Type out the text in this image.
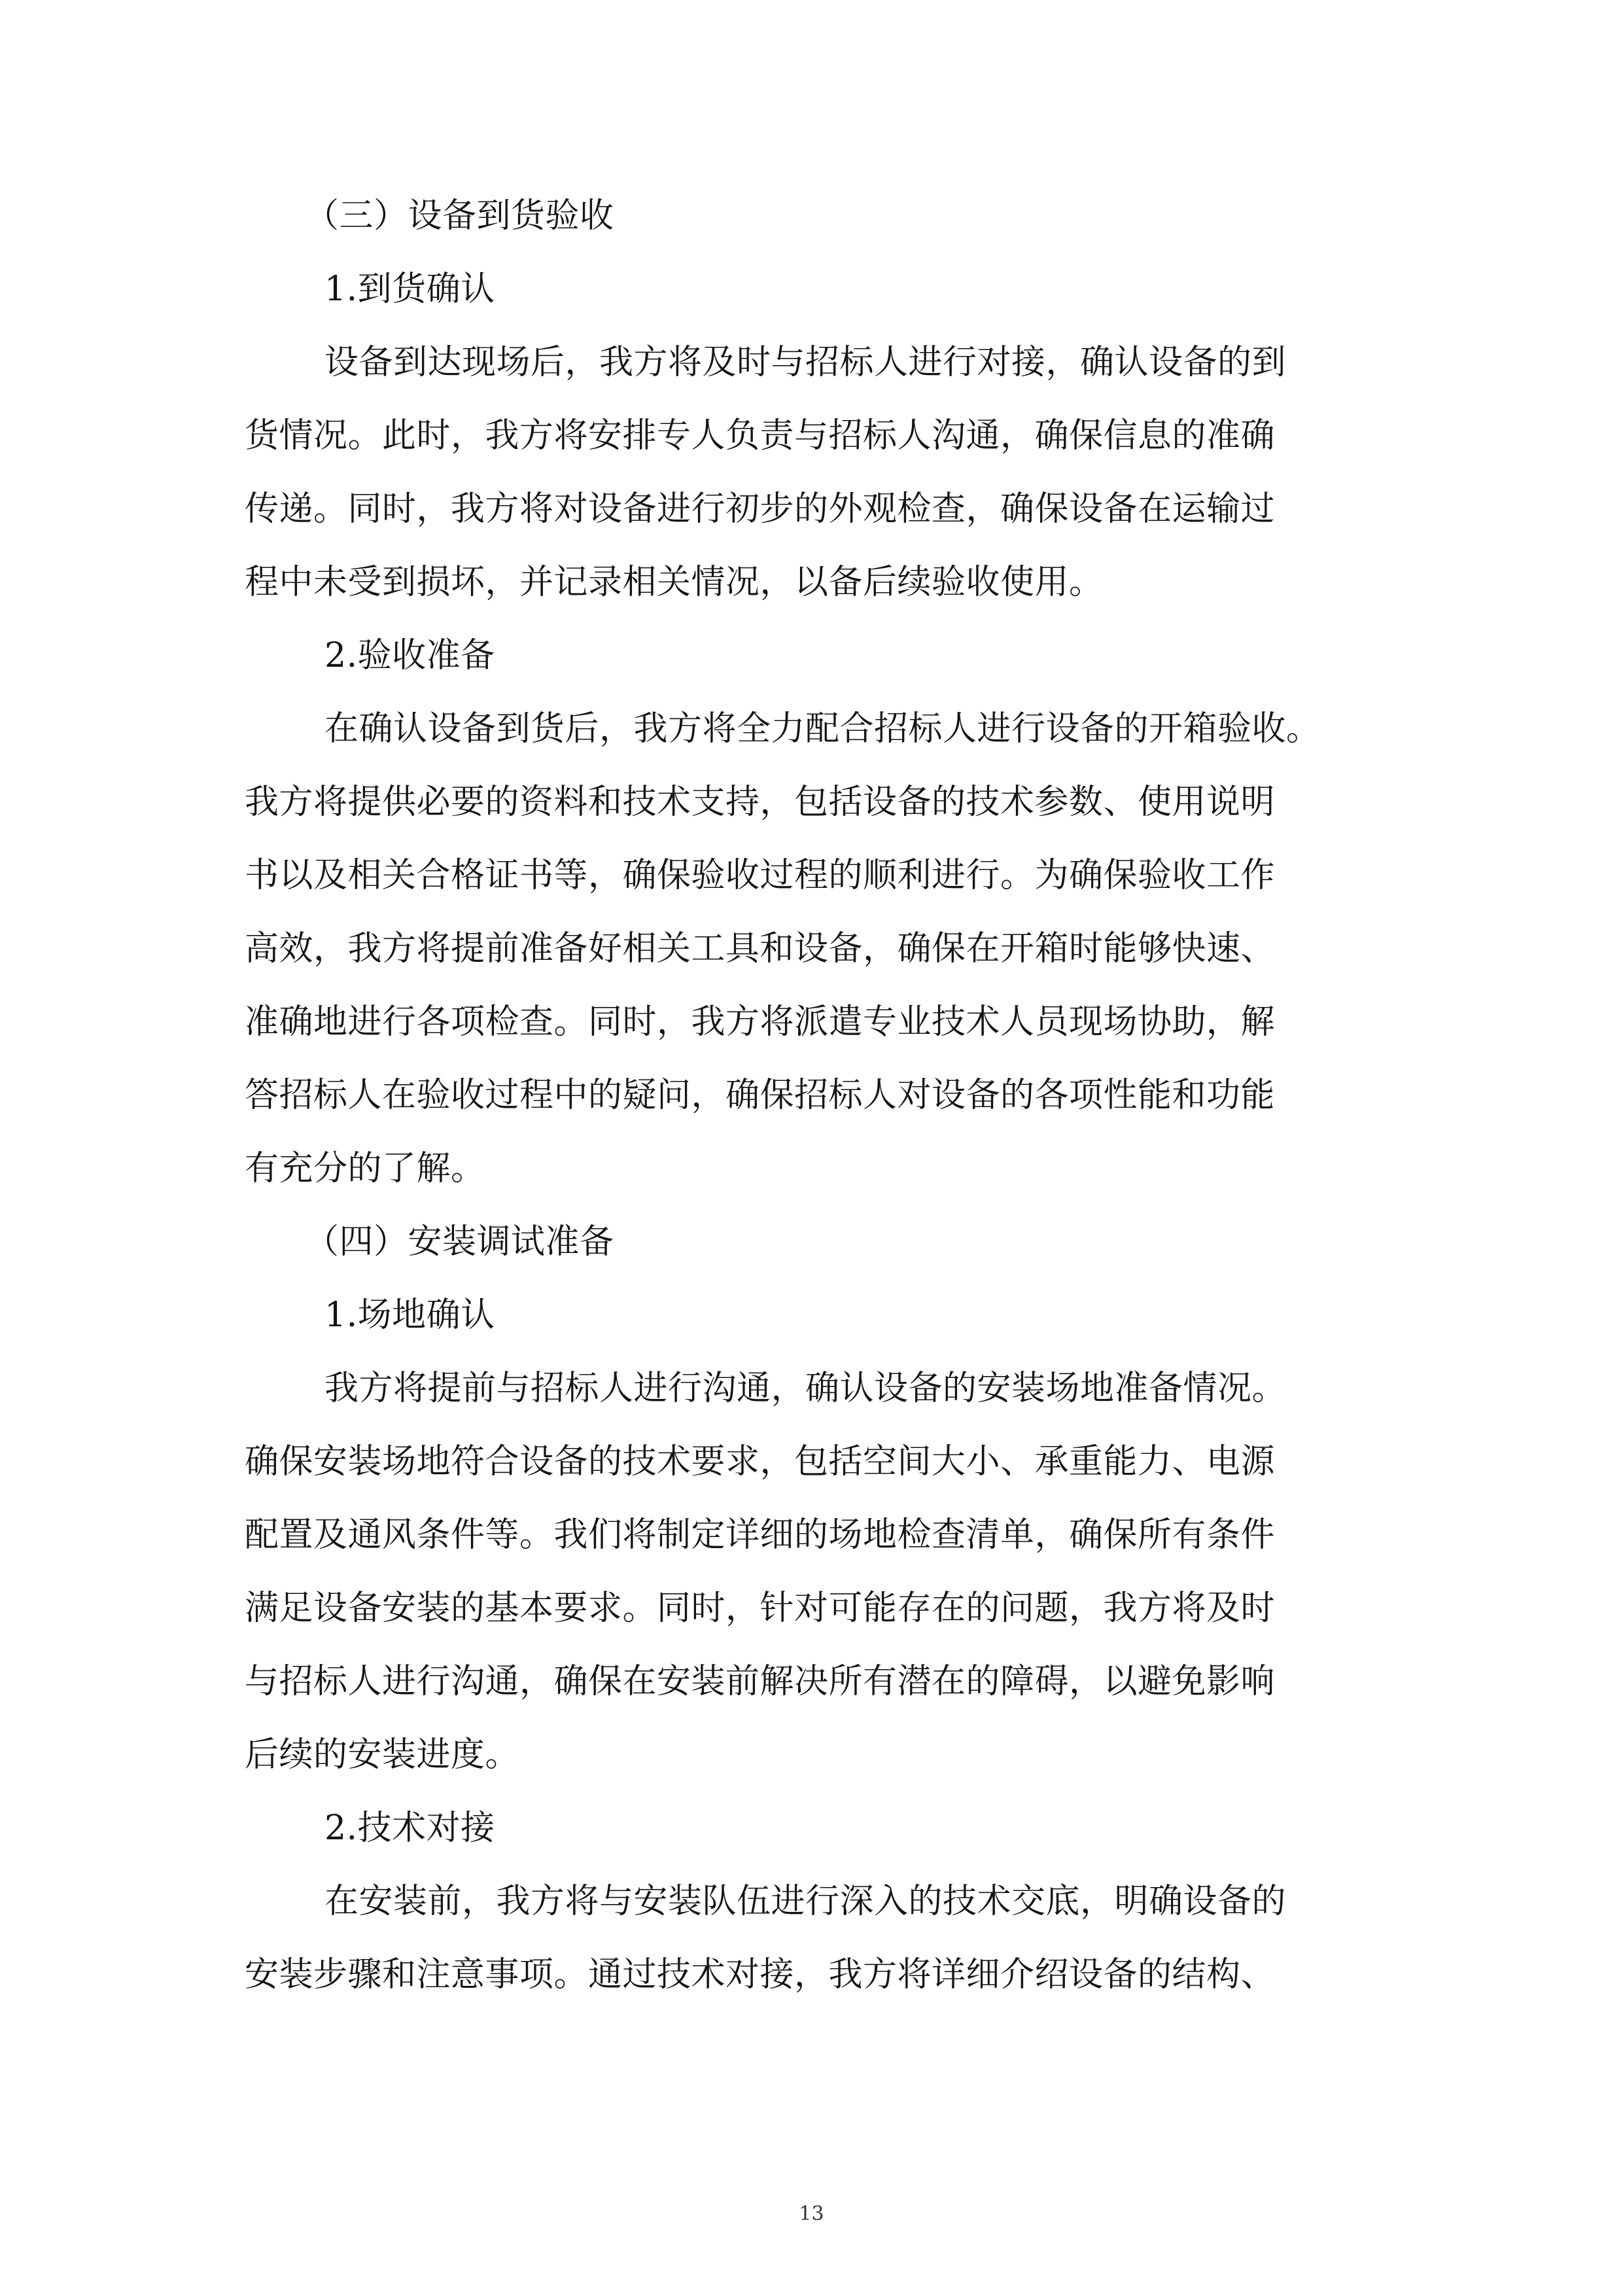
（三）设备到货验收
1.到货确认
设备到达现场后，我方将及时与招标人进行对接，确认设备的到
货情况。此时，我方将安排专人负责与招标人沟通，确保信息的准确
传递。同时，我方将对设备进行初步的外观检查，确保设备在运输过
程中未受到损坏，并记录相关情况，以备后续验收使用。
2.验收准备
在确认设备到货后，我方将全力配合招标人进行设备的开箱验收。
我方将提供必要的资料和技术支持，包括设备的技术参数、使用说明
书以及相关合格证书等，确保验收过程的顺利进行。为确保验收工作
高效，我方将提前准备好相关工具和设备，确保在开箱时能够快速、
准确地进行各项检查。同时，我方将派遣专业技术人员现场协助，解
答招标人在验收过程中的疑问，确保招标人对设备的各项性能和功能
有充分的了解。
（四）安装调试准备
1.场地确认
我方将提前与招标人进行沟通，确认设备的安装场地准备情况。
确保安装场地符合设备的技术要求，包括空间大小、承重能力、电源
配置及通风条件等。我们将制定详细的场地检查清单，确保所有条件
满足设备安装的基本要求。同时，针对可能存在的问题，我方将及时
与招标人进行沟通，确保在安装前解决所有潜在的障碍，以避免影响
后续的安装进度。
2.技术对接
在安装前，我方将与安装队伍进行深入的技术交底，明确设备的
安装步骤和注意事项。通过技术对接，我方将详细介绍设备的结构、
13
